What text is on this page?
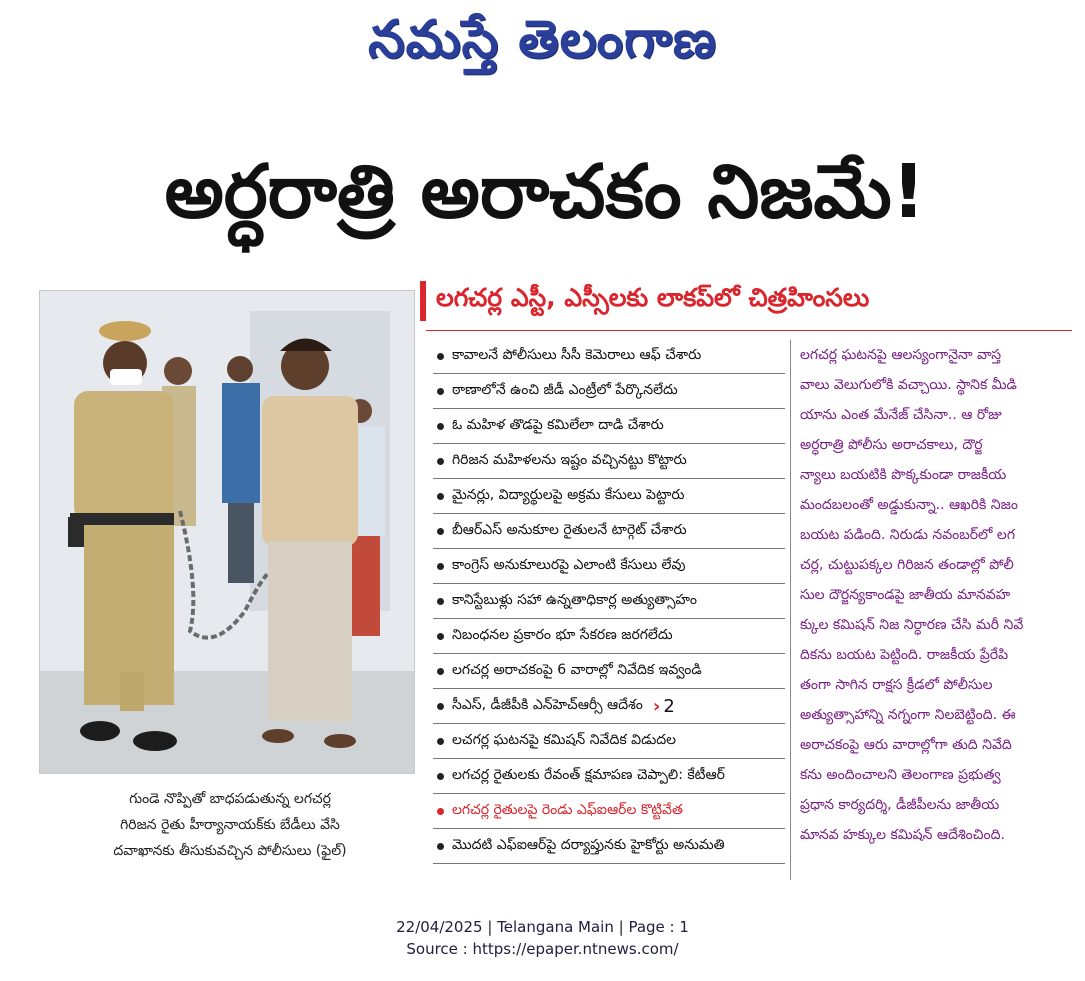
నమస్తే తెలంగాణ
అర్ధరాత్రి అరాచకం నిజమే!
లగచర్ల ఎస్టీ, ఎస్సీలకు లాకప్‌లో చిత్రహింసలు
గుండె నొప్పితో బాధపడుతున్న లగచర్ల
గిరిజన రైతు హీర్యానాయక్‌కు బేడీలు వేసి
దవాఖానకు తీసుకువచ్చిన పోలీసులు (ఫైల్)
కావాలనే పోలీసులు సీసీ కెమెరాలు ఆఫ్ చేశారు
ఠాణాలోనే ఉంచి జీడీ ఎంట్రీలో పేర్కొనలేదు
ఓ మహిళ తొడపై కమిలేలా దాడి చేశారు
గిరిజన మహిళలను ఇష్టం వచ్చినట్టు కొట్టారు
మైనర్లు, విద్యార్థులపై అక్రమ కేసులు పెట్టారు
బీఆర్‌ఎస్ అనుకూల రైతులనే టార్గెట్ చేశారు
కాంగ్రెస్ అనుకూలురపై ఎలాంటి కేసులు లేవు
కానిస్టేబుళ్లు సహా ఉన్నతాధికార్ల అత్యుత్సాహం
నిబంధనల ప్రకారం భూ సేకరణ జరగలేదు
లగచర్ల అరాచకంపై 6 వారాల్లో నివేదిక ఇవ్వండి
సీఎస్, డీజీపీకి ఎన్‌హెచ్‌ఆర్సీ ఆదేశం › 2
లచగర్ల ఘటనపై కమిషన్ నివేదిక విడుదల
లగచర్ల రైతులకు రేవంత్ క్షమాపణ చెప్పాలి: కేటీఆర్
లగచర్ల రైతులపై రెండు ఎఫ్‌ఐఆర్‌ల కొట్టివేత
మొదటి ఎఫ్‌ఐఆర్‌పై దర్యాప్తునకు హైకోర్టు అనుమతి
లగచర్ల ఘటనపై ఆలస్యంగానైనా వాస్త
వాలు వెలుగులోకి వచ్చాయి. స్థానిక మీడి
యాను ఎంత మేనేజ్ చేసినా.. ఆ రోజు
అర్ధరాత్రి పోలీసు అరాచకాలు, దౌర్జ
న్యాలు బయటికి పొక్కకుండా రాజకీయ
మందబలంతో అడ్డుకున్నా.. ఆఖరికి నిజం
బయట పడింది. నిరుడు నవంబర్‌లో లగ
చర్ల, చుట్టుపక్కల గిరిజన తండాల్లో పోలీ
సుల దౌర్జన్యకాండపై జాతీయ మానవహ
క్కుల కమిషన్ నిజ నిర్ధారణ చేసి మరీ నివే
దికను బయట పెట్టింది. రాజకీయ ప్రేరేపి
తంగా సాగిన రాక్షస క్రీడలో పోలీసుల
అత్యుత్సాహాన్ని నగ్నంగా నిలబెట్టింది. ఈ
అరాచకంపై ఆరు వారాల్లోగా తుది నివేది
కను అందించాలని తెలంగాణ ప్రభుత్వ
ప్రధాన కార్యదర్శి, డీజీపీలను జాతీయ
మానవ హక్కుల కమిషన్ ఆదేశించింది.
22/04/2025 | Telangana Main | Page : 1
Source : https://epaper.ntnews.com/
